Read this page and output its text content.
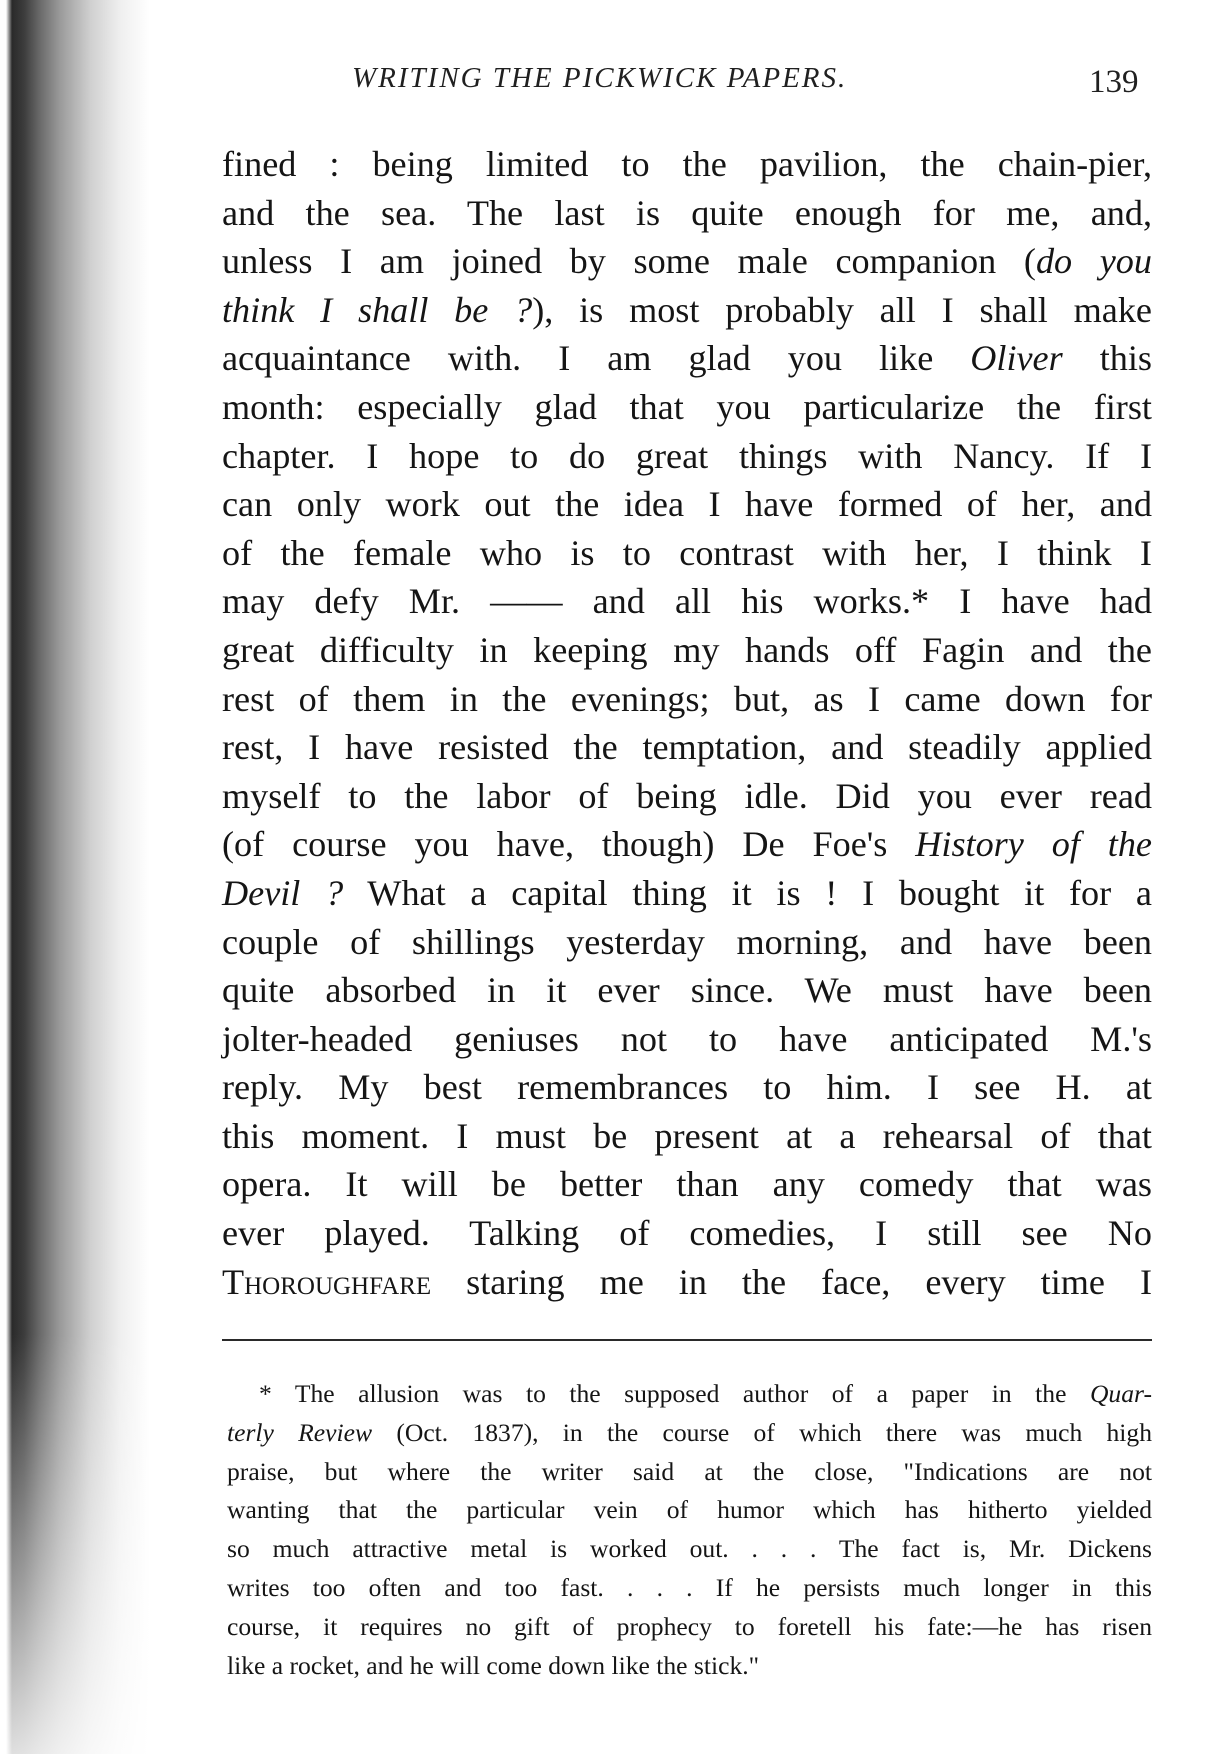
WRITING THE PICKWICK PAPERS.	139
fined : being limited to the pavilion, the chain-pier,
and the sea. The last is quite enough for me, and,
unless I am joined by some male companion (do you
think I shall be ?), is most probably all I shall make
acquaintance with. I am glad you like Oliver this
month: especially glad that you particularize the first
chapter. I hope to do great things with Nancy. If I
can only work out the idea I have formed of her, and
of the female who is to contrast with her, I think I
may defy Mr. —— and all his works.* I have had
great difficulty in keeping my hands off Fagin and the
rest of them in the evenings; but, as I came down for
rest, I have resisted the temptation, and steadily applied
myself to the labor of being idle. Did you ever read
(of course you have, though) De Foe's History of the
Devil ? What a capital thing it is ! I bought it for a
couple of shillings yesterday morning, and have been
quite absorbed in it ever since. We must have been
jolter-headed geniuses not to have anticipated M.'s
reply. My best remembrances to him. I see H. at
this moment. I must be present at a rehearsal of that
opera. It will be better than any comedy that was
ever played. Talking of comedies, I still see No
Thoroughfare staring me in the face, every time I
* The allusion was to the supposed author of a paper in the Quar-
terly Review (Oct. 1837), in the course of which there was much high
praise, but where the writer said at the close, "Indications are not
wanting that the particular vein of humor which has hitherto yielded
so much attractive metal is worked out. . . . The fact is, Mr. Dickens
writes too often and too fast. . . . If he persists much longer in this
course, it requires no gift of prophecy to foretell his fate:—he has risen
like a rocket, and he will come down like the stick."
